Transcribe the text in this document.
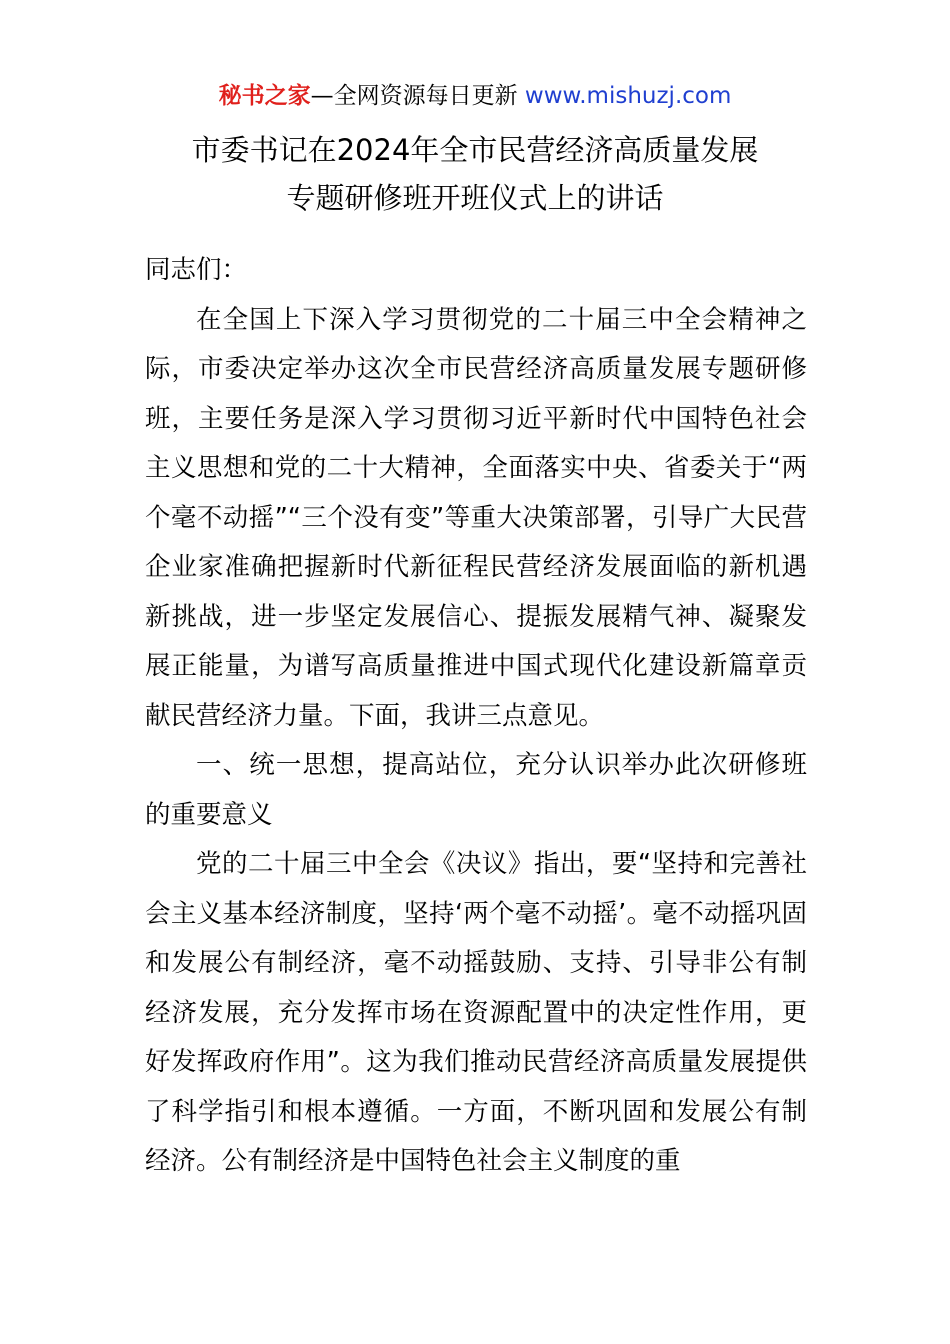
秘书之家—全网资源每日更新 www.mishuzj.com
市委书记在2024年全市民营经济高质量发展
专题研修班开班仪式上的讲话

同志们：

在全国上下深入学习贯彻党的二十届三中全会精神之际，市委决定举办这次全市民营经济高质量发展专题研修班，主要任务是深入学习贯彻习近平新时代中国特色社会主义思想和党的二十大精神，全面落实中央、省委关于“两个毫不动摇”“三个没有变”等重大决策部署，引导广大民营企业家准确把握新时代新征程民营经济发展面临的新机遇新挑战，进一步坚定发展信心、提振发展精气神、凝聚发展正能量，为谱写高质量推进中国式现代化建设新篇章贡献民营经济力量。下面，我讲三点意见。

一、统一思想，提高站位，充分认识举办此次研修班的重要意义

党的二十届三中全会《决议》指出，要“坚持和完善社会主义基本经济制度，坚持‘两个毫不动摇’。毫不动摇巩固和发展公有制经济，毫不动摇鼓励、支持、引导非公有制经济发展，充分发挥市场在资源配置中的决定性作用，更好发挥政府作用”。这为我们推动民营经济高质量发展提供了科学指引和根本遵循。一方面，不断巩固和发展公有制经济。公有制经济是中国特色社会主义制度的重
